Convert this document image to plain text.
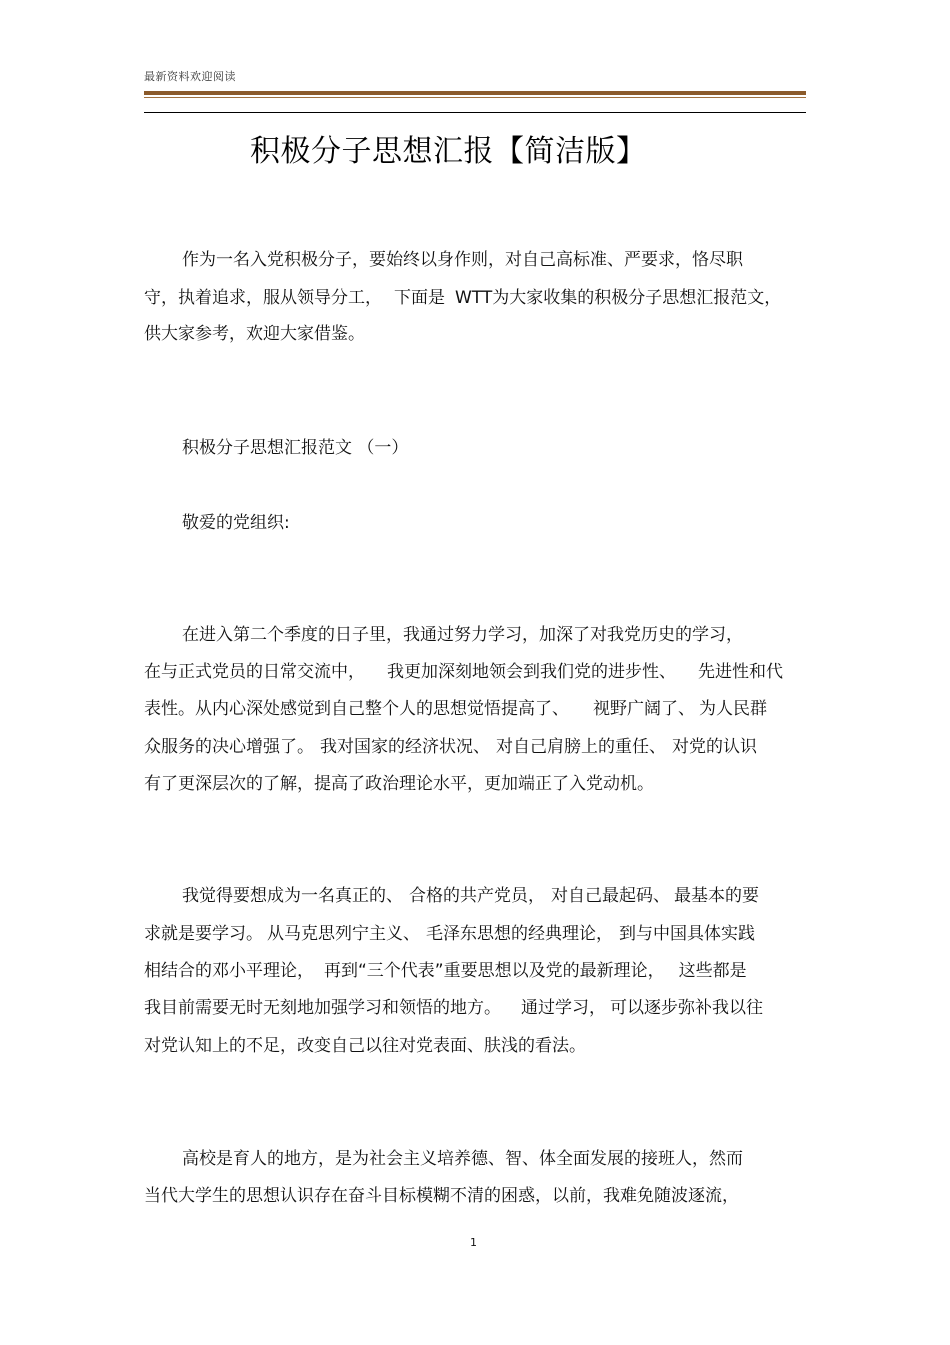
最新资料欢迎阅读
积极分子思想汇报【简洁版】
作为一名入党积极分子，要始终以身作则，对自己高标准、严要求，恪尽职
守，执着追求，服从领导分工， 下面是 WTT为大家收集的积极分子思想汇报范文，
供大家参考，欢迎大家借鉴。
积极分子思想汇报范文 （一）
敬爱的党组织:
在进入第二个季度的日子里，我通过努力学习，加深了对我党历史的学习，
在与正式党员的日常交流中， 我更加深刻地领会到我们党的进步性、 先进性和代
表性。从内心深处感觉到自己整个人的思想觉悟提高了、 视野广阔了、 为人民群
众服务的决心增强了。 我对国家的经济状况、 对自己肩膀上的重任、 对党的认识
有了更深层次的了解，提高了政治理论水平，更加端正了入党动机。
我觉得要想成为一名真正的、 合格的共产党员， 对自己最起码、 最基本的要
求就是要学习。 从马克思列宁主义、 毛泽东思想的经典理论， 到与中国具体实践
相结合的邓小平理论， 再到“三个代表”重要思想以及党的最新理论， 这些都是
我目前需要无时无刻地加强学习和领悟的地方。 通过学习， 可以逐步弥补我以往
对党认知上的不足，改变自己以往对党表面、肤浅的看法。
高校是育人的地方，是为社会主义培养德、智、体全面发展的接班人，然而
当代大学生的思想认识存在奋斗目标模糊不清的困惑，以前，我难免随波逐流，
1
